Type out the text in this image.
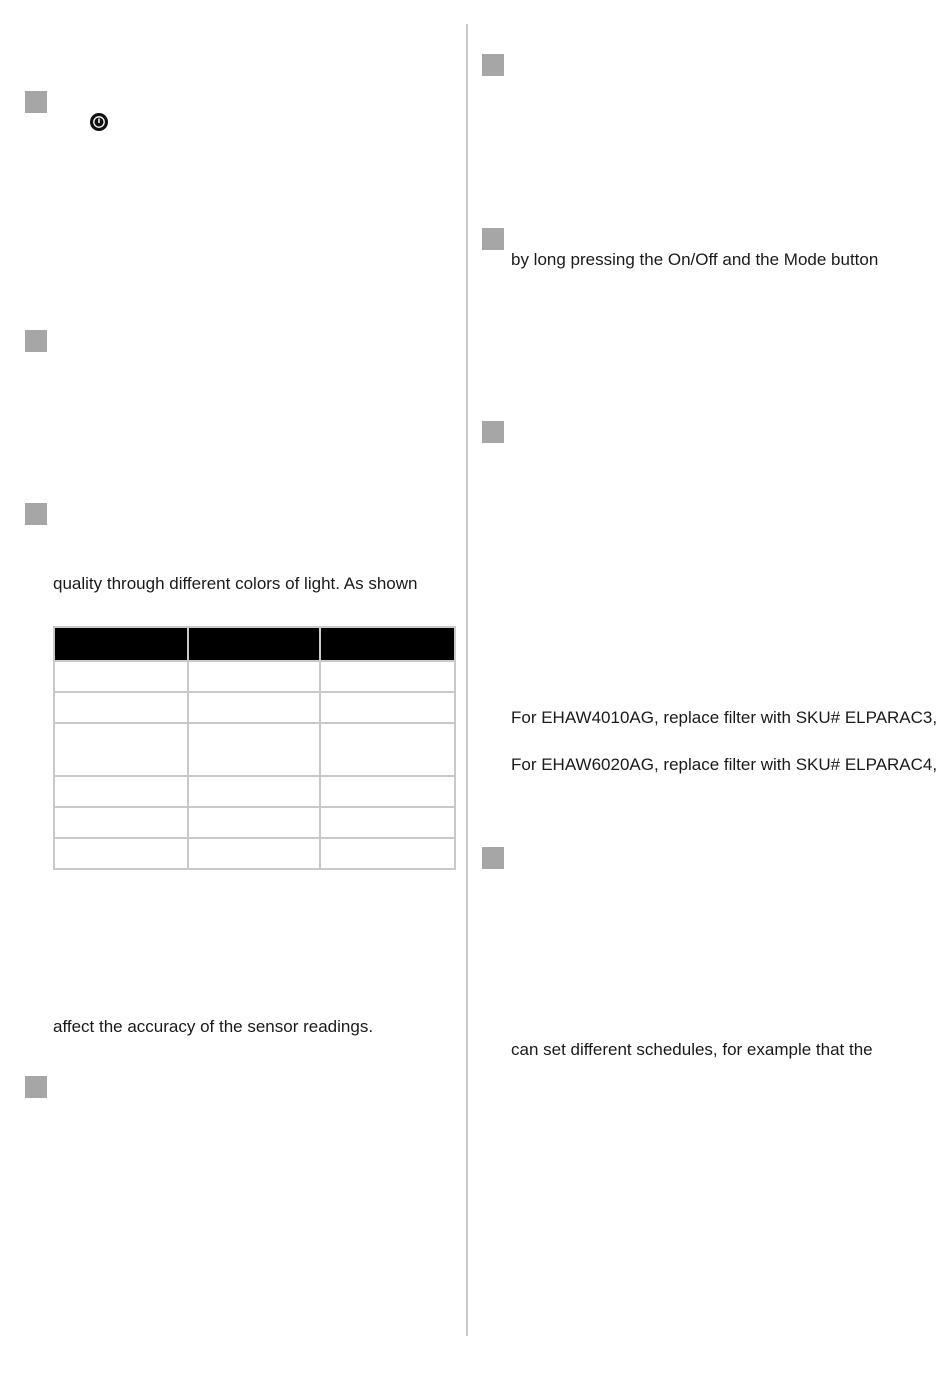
quality through different colors of light. As shown

affect the accuracy of the sensor readings.
by long pressing the On/Off and the Mode button
For EHAW4010AG, replace filter with SKU# ELPARAC3,
For EHAW6020AG, replace filter with SKU# ELPARAC4,
can set different schedules, for example that the
